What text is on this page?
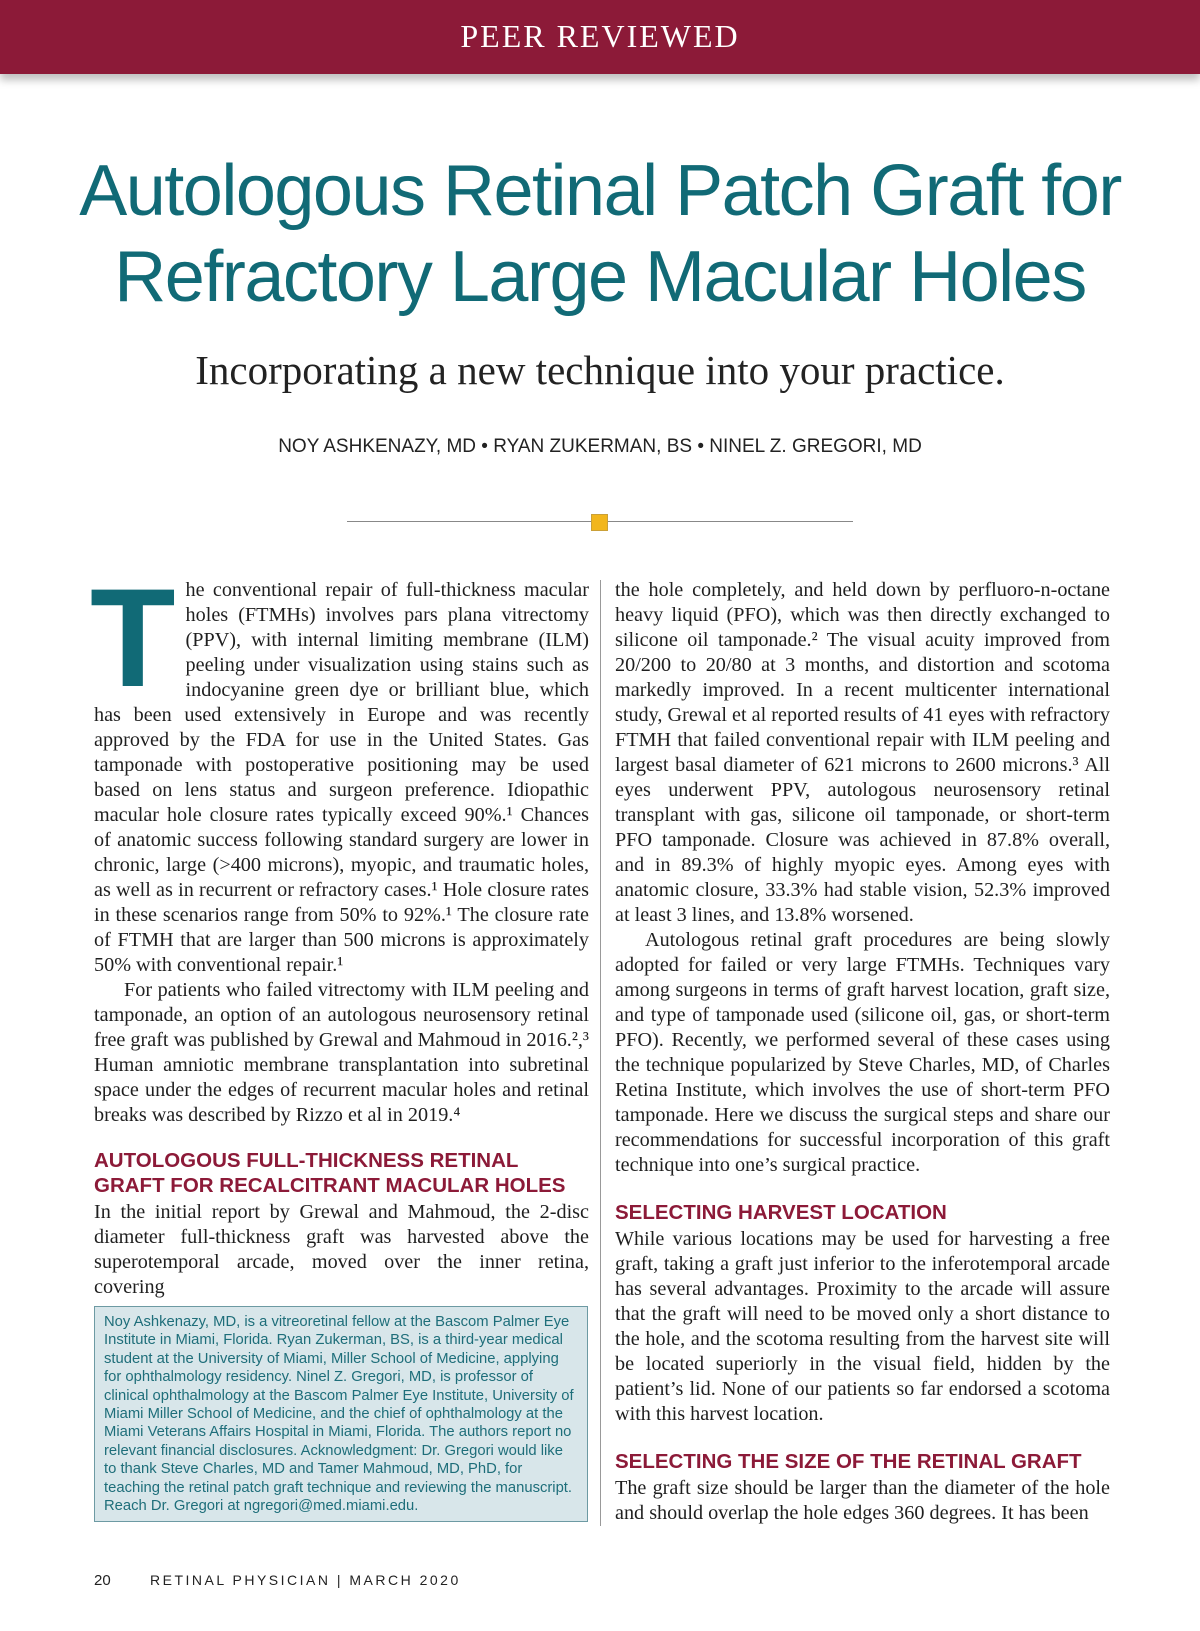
PEER REVIEWED
Autologous Retinal Patch Graft for
Refractory Large Macular Holes

Incorporating a new technique into your practice.

NOY ASHKENAZY, MD • RYAN ZUKERMAN, BS • NINEL Z. GREGORI, MD

The conventional repair of full-thickness macular holes (FTMHs) involves pars plana vitrectomy (PPV), with internal limiting membrane (ILM) peeling under visualization using stains such as indocyanine green dye or brilliant blue, which has been used extensively in Europe and was recently approved by the FDA for use in the United States. Gas tamponade with postoperative positioning may be used based on lens status and surgeon preference. Idiopathic macular hole closure rates typically exceed 90%.¹ Chances of anatomic success following standard surgery are lower in chronic, large (>400 microns), myopic, and traumatic holes, as well as in recurrent or refractory cases.¹ Hole closure rates in these scenarios range from 50% to 92%.¹ The closure rate of FTMH that are larger than 500 microns is approximately 50% with conventional repair.¹

For patients who failed vitrectomy with ILM peeling and tamponade, an option of an autologous neurosensory retinal free graft was published by Grewal and Mahmoud in 2016.²,³ Human amniotic membrane transplantation into subretinal space under the edges of recurrent macular holes and retinal breaks was described by Rizzo et al in 2019.⁴

AUTOLOGOUS FULL-THICKNESS RETINAL GRAFT FOR RECALCITRANT MACULAR HOLES

In the initial report by Grewal and Mahmoud, the 2-disc diameter full-thickness graft was harvested above the superotemporal arcade, moved over the inner retina, covering

the hole completely, and held down by perfluoro-n-octane heavy liquid (PFO), which was then directly exchanged to silicone oil tamponade.² The visual acuity improved from 20/200 to 20/80 at 3 months, and distortion and scotoma markedly improved. In a recent multicenter international study, Grewal et al reported results of 41 eyes with refractory FTMH that failed conventional repair with ILM peeling and largest basal diameter of 621 microns to 2600 microns.³ All eyes underwent PPV, autologous neurosensory retinal transplant with gas, silicone oil tamponade, or short-term PFO tamponade. Closure was achieved in 87.8% overall, and in 89.3% of highly myopic eyes. Among eyes with anatomic closure, 33.3% had stable vision, 52.3% improved at least 3 lines, and 13.8% worsened.

Autologous retinal graft procedures are being slowly adopted for failed or very large FTMHs. Techniques vary among surgeons in terms of graft harvest location, graft size, and type of tamponade used (silicone oil, gas, or short-term PFO). Recently, we performed several of these cases using the technique popularized by Steve Charles, MD, of Charles Retina Institute, which involves the use of short-term PFO tamponade. Here we discuss the surgical steps and share our recommendations for successful incorporation of this graft technique into one’s surgical practice.

SELECTING HARVEST LOCATION

While various locations may be used for harvesting a free graft, taking a graft just inferior to the inferotemporal arcade has several advantages. Proximity to the arcade will assure that the graft will need to be moved only a short distance to the hole, and the scotoma resulting from the harvest site will be located superiorly in the visual field, hidden by the patient’s lid. None of our patients so far endorsed a scotoma with this harvest location.

SELECTING THE SIZE OF THE RETINAL GRAFT

The graft size should be larger than the diameter of the hole and should overlap the hole edges 360 degrees. It has been

Noy Ashkenazy, MD, is a vitreoretinal fellow at the Bascom Palmer Eye Institute in Miami, Florida. Ryan Zukerman, BS, is a third-year medical student at the University of Miami, Miller School of Medicine, applying for ophthalmology residency. Ninel Z. Gregori, MD, is professor of clinical ophthalmology at the Bascom Palmer Eye Institute, University of Miami Miller School of Medicine, and the chief of ophthalmology at the Miami Veterans Affairs Hospital in Miami, Florida. The authors report no relevant financial disclosures. Acknowledgment: Dr. Gregori would like to thank Steve Charles, MD and Tamer Mahmoud, MD, PhD, for teaching the retinal patch graft technique and reviewing the manuscript. Reach Dr. Gregori at ngregori@med.miami.edu.
20	RETINAL PHYSICIAN | MARCH 2020
